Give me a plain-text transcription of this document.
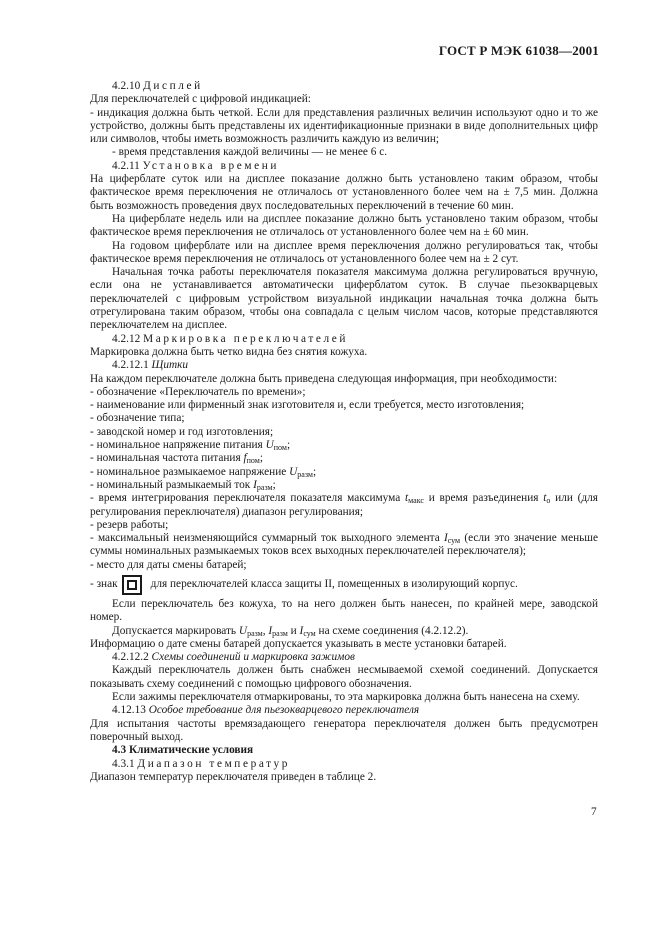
ГОСТ Р МЭК 61038—2001

4.2.10 Дисплей

Для переключателей с цифровой индикацией:

- индикация должна быть четкой. Если для представления различных величин используют одно и то же устройство, должны быть представлены их идентификационные признаки в виде дополнительных цифр или символов, чтобы иметь возможность различить каждую из величин;

- время представления каждой величины — не менее 6 с.

4.2.11 Установка времени

На циферблате суток или на дисплее показание должно быть установлено таким образом, чтобы фактическое время переключения не отличалось от установленного более чем на ± 7,5 мин. Должна быть возможность проведения двух последовательных переключений в течение 60 мин.

На циферблате недель или на дисплее показание должно быть установлено таким образом, чтобы фактическое время переключения не отличалось от установленного более чем на ± 60 мин.

На годовом циферблате или на дисплее время переключения должно регулироваться так, чтобы фактическое время переключения не отличалось от установленного более чем на ± 2 сут.

Начальная точка работы переключателя показателя максимума должна регулироваться вручную, если она не устанавливается автоматически циферблатом суток. В случае пьезокварцевых переключателей с цифровым устройством визуальной индикации начальная точка должна быть отрегулирована таким образом, чтобы она совпадала с целым числом часов, которые представляются переключателем на дисплее.

4.2.12 Маркировка переключателей

Маркировка должна быть четко видна без снятия кожуха.

4.2.12.1 Щитки

На каждом переключателе должна быть приведена следующая информация, при необходимости:

- обозначение «Переключатель по времени»;

- наименование или фирменный знак изготовителя и, если требуется, место изготовления;

- обозначение типа;

- заводской номер и год изготовления;

- номинальное напряжение питания $U_{пом}$;

- номинальная частота питания $f_{пом}$;

- номинальное размыкаемое напряжение $U_{разм}$;

- номинальный размыкаемый ток $I_{разм}$;

- время интегрирования переключателя показателя максимума $t_{макс}$ и время разъединения $t_o$ или (для регулирования переключателя) диапазон регулирования;

- резерв работы;

- максимальный неизменяющийся суммарный ток выходного элемента $I_{сум}$ (если это значение меньше суммы номинальных размыкаемых токов всех выходных переключателей переключателя);

- место для даты смены батарей;

- знак	для переключателей класса защиты II, помещенных в изолирующий корпус.

Если переключатель без кожуха, то на него должен быть нанесен, по крайней мере, заводской номер.

Допускается маркировать $U_{разм}$, $I_{разм}$ и $I_{сум}$ на схеме соединения (4.2.12.2).

Информацию о дате смены батарей допускается указывать в месте установки батарей.

4.2.12.2 Схемы соединений и маркировка зажимов

Каждый переключатель должен быть снабжен несмываемой схемой соединений. Допускается показывать схему соединений с помощью цифрового обозначения.

Если зажимы переключателя отмаркированы, то эта маркировка должна быть нанесена на схему.

4.12.13 Особое требование для пьезокварцевого переключателя

Для испытания частоты времязадающего генератора переключателя должен быть предусмотрен поверочный выход.

4.3 Климатические условия

4.3.1 Диапазон температур

Диапазон температур переключателя приведен в таблице 2.

7
